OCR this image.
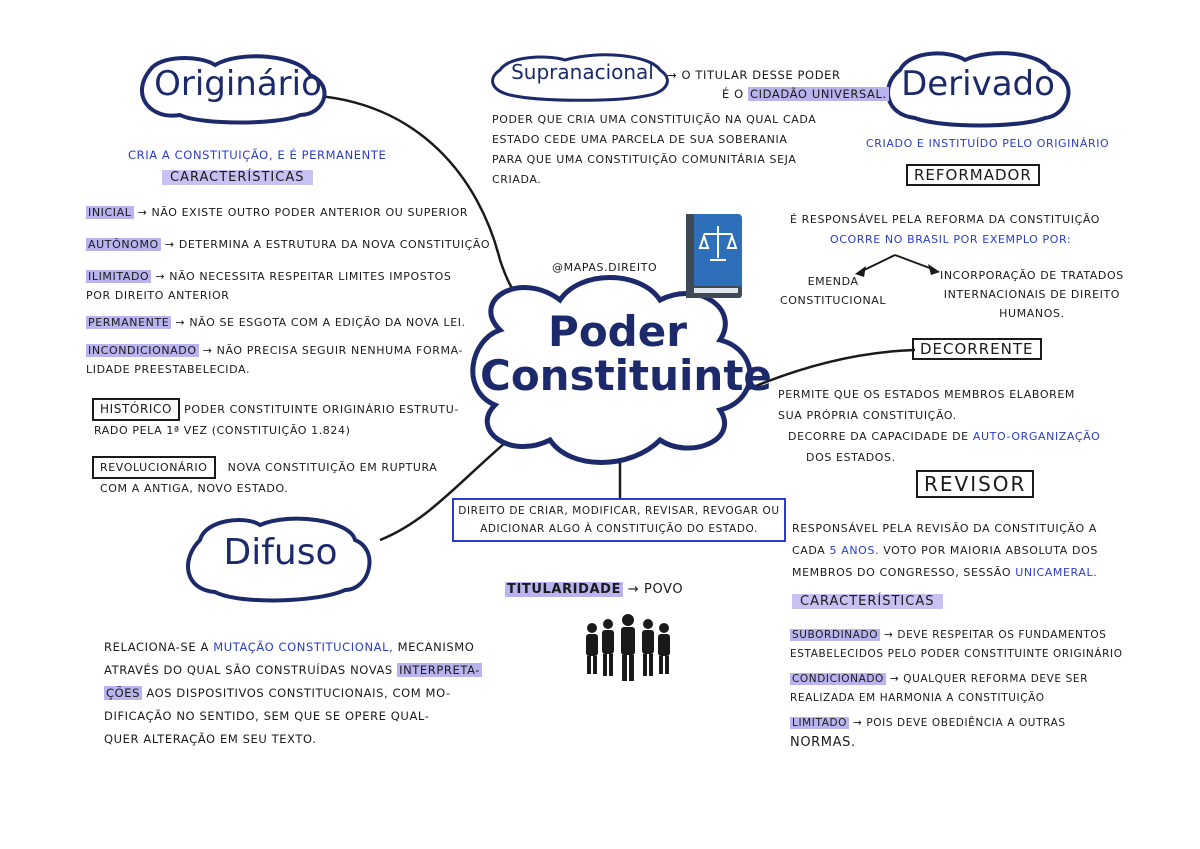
Originário	Supranacional	Derivado
Difuso
Poder
Constituinte
→ O TITULAR DESSE PODER
É O CIDADÃO UNIVERSAL.
PODER QUE CRIA UMA CONSTITUIÇÃO NA QUAL CADA
ESTADO CEDE UMA PARCELA DE SUA SOBERANIA
PARA QUE UMA CONSTITUIÇÃO COMUNITÁRIA SEJA
CRIADA.
CRIA A CONSTITUIÇÃO, E É PERMANENTE
CARACTERÍSTICAS
INICIAL → NÃO EXISTE OUTRO PODER ANTERIOR OU SUPERIOR
AUTÔNOMO → DETERMINA A ESTRUTURA DA NOVA CONSTITUIÇÃO
ILIMITADO → NÃO NECESSITA RESPEITAR LIMITES IMPOSTOS
POR DIREITO ANTERIOR
PERMANENTE → NÃO SE ESGOTA COM A EDIÇÃO DA NOVA LEI.
INCONDICIONADO → NÃO PRECISA SEGUIR NENHUMA FORMA-
LIDADE PREESTABELECIDA.
HISTÓRICO PODER CONSTITUINTE ORIGINÁRIO ESTRUTU-
RADO PELA 1ª VEZ (CONSTITUIÇÃO 1.824)
REVOLUCIONÁRIO NOVA CONSTITUIÇÃO EM RUPTURA
COM A ANTIGA, NOVO ESTADO.
@MAPAS.DIREITO
CRIADO E INSTITUÍDO PELO ORIGINÁRIO
REFORMADOR
É RESPONSÁVEL PELA REFORMA DA CONSTITUIÇÃO
OCORRE NO BRASIL POR EXEMPLO POR:
EMENDA
CONSTITUCIONAL
INCORPORAÇÃO DE TRATADOS
INTERNACIONAIS DE DIREITO
HUMANOS.
DECORRENTE
PERMITE QUE OS ESTADOS MEMBROS ELABOREM
SUA PRÓPRIA CONSTITUIÇÃO.
DECORRE DA CAPACIDADE DE AUTO-ORGANIZAÇÃO
DOS ESTADOS.
REVISOR
RESPONSÁVEL PELA REVISÃO DA CONSTITUIÇÃO A
CADA 5 ANOS. VOTO POR MAIORIA ABSOLUTA DOS
MEMBROS DO CONGRESSO, SESSÃO UNICAMERAL.
CARACTERÍSTICAS
SUBORDINADO → DEVE RESPEITAR OS FUNDAMENTOS
ESTABELECIDOS PELO PODER CONSTITUINTE ORIGINÁRIO
CONDICIONADO → QUALQUER REFORMA DEVE SER
REALIZADA EM HARMONIA A CONSTITUIÇÃO
LIMITADO → POIS DEVE OBEDIÊNCIA A OUTRAS
NORMAS.
DIREITO DE CRIAR, MODIFICAR, REVISAR, REVOGAR OU
ADICIONAR ALGO À CONSTITUIÇÃO DO ESTADO.
TITULARIDADE → POVO
RELACIONA-SE A MUTAÇÃO CONSTITUCIONAL, MECANISMO
ATRAVÉS DO QUAL SÃO CONSTRUÍDAS NOVAS INTERPRETA-
ÇÕES AOS DISPOSITIVOS CONSTITUCIONAIS, COM MO-
DIFICAÇÃO NO SENTIDO, SEM QUE SE OPERE QUAL-
QUER ALTERAÇÃO EM SEU TEXTO.
